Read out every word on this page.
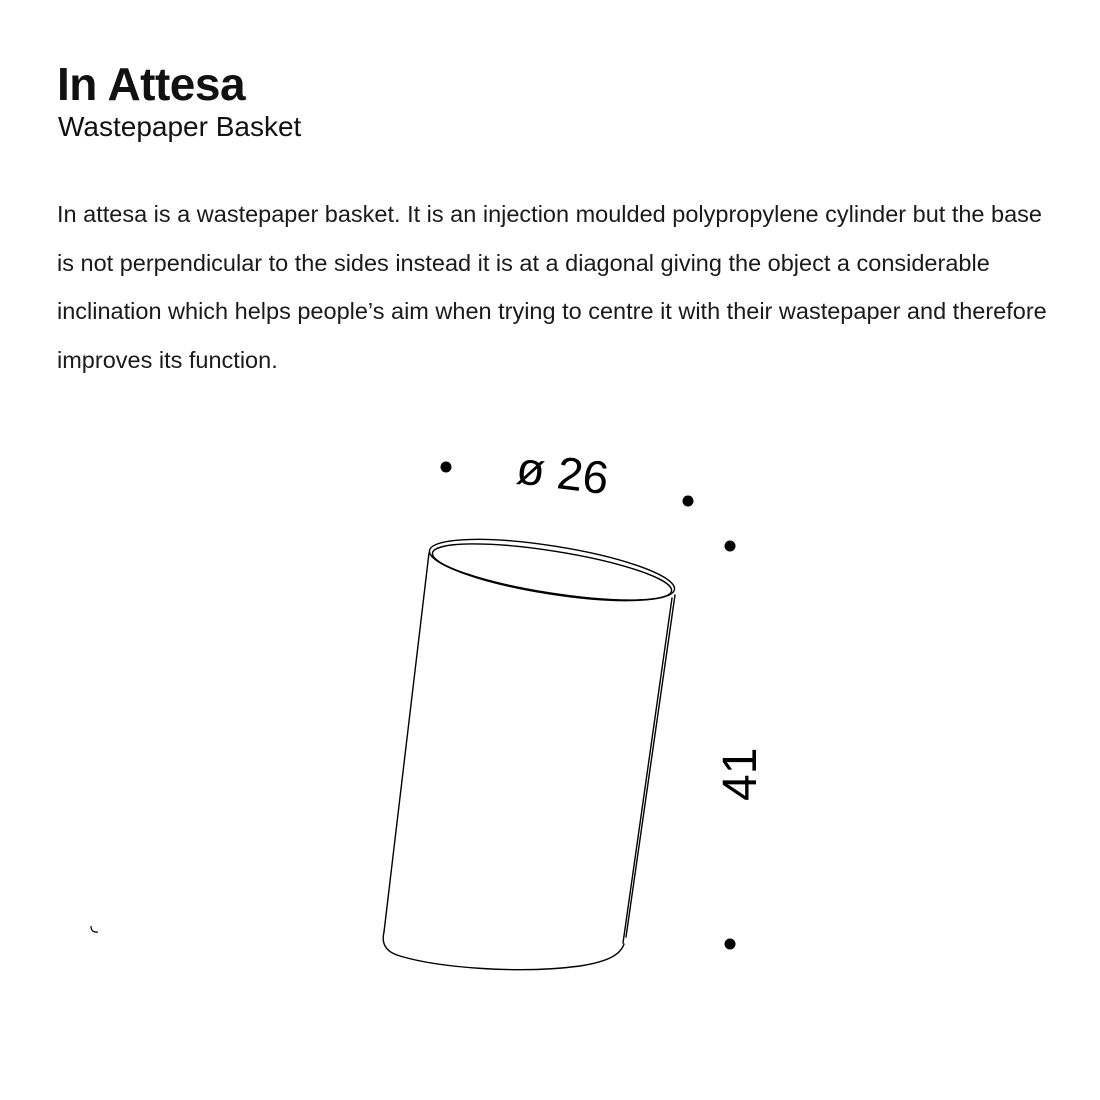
In Attesa
Wastepaper Basket

In attesa is a wastepaper basket. It is an injection moulded polypropylene cylinder but the base is not perpendicular to the sides instead it is at a diagonal giving the object a considerable inclination which helps people’s aim when trying to centre it with their wastepaper and therefore improves its function.

ø 26
41
